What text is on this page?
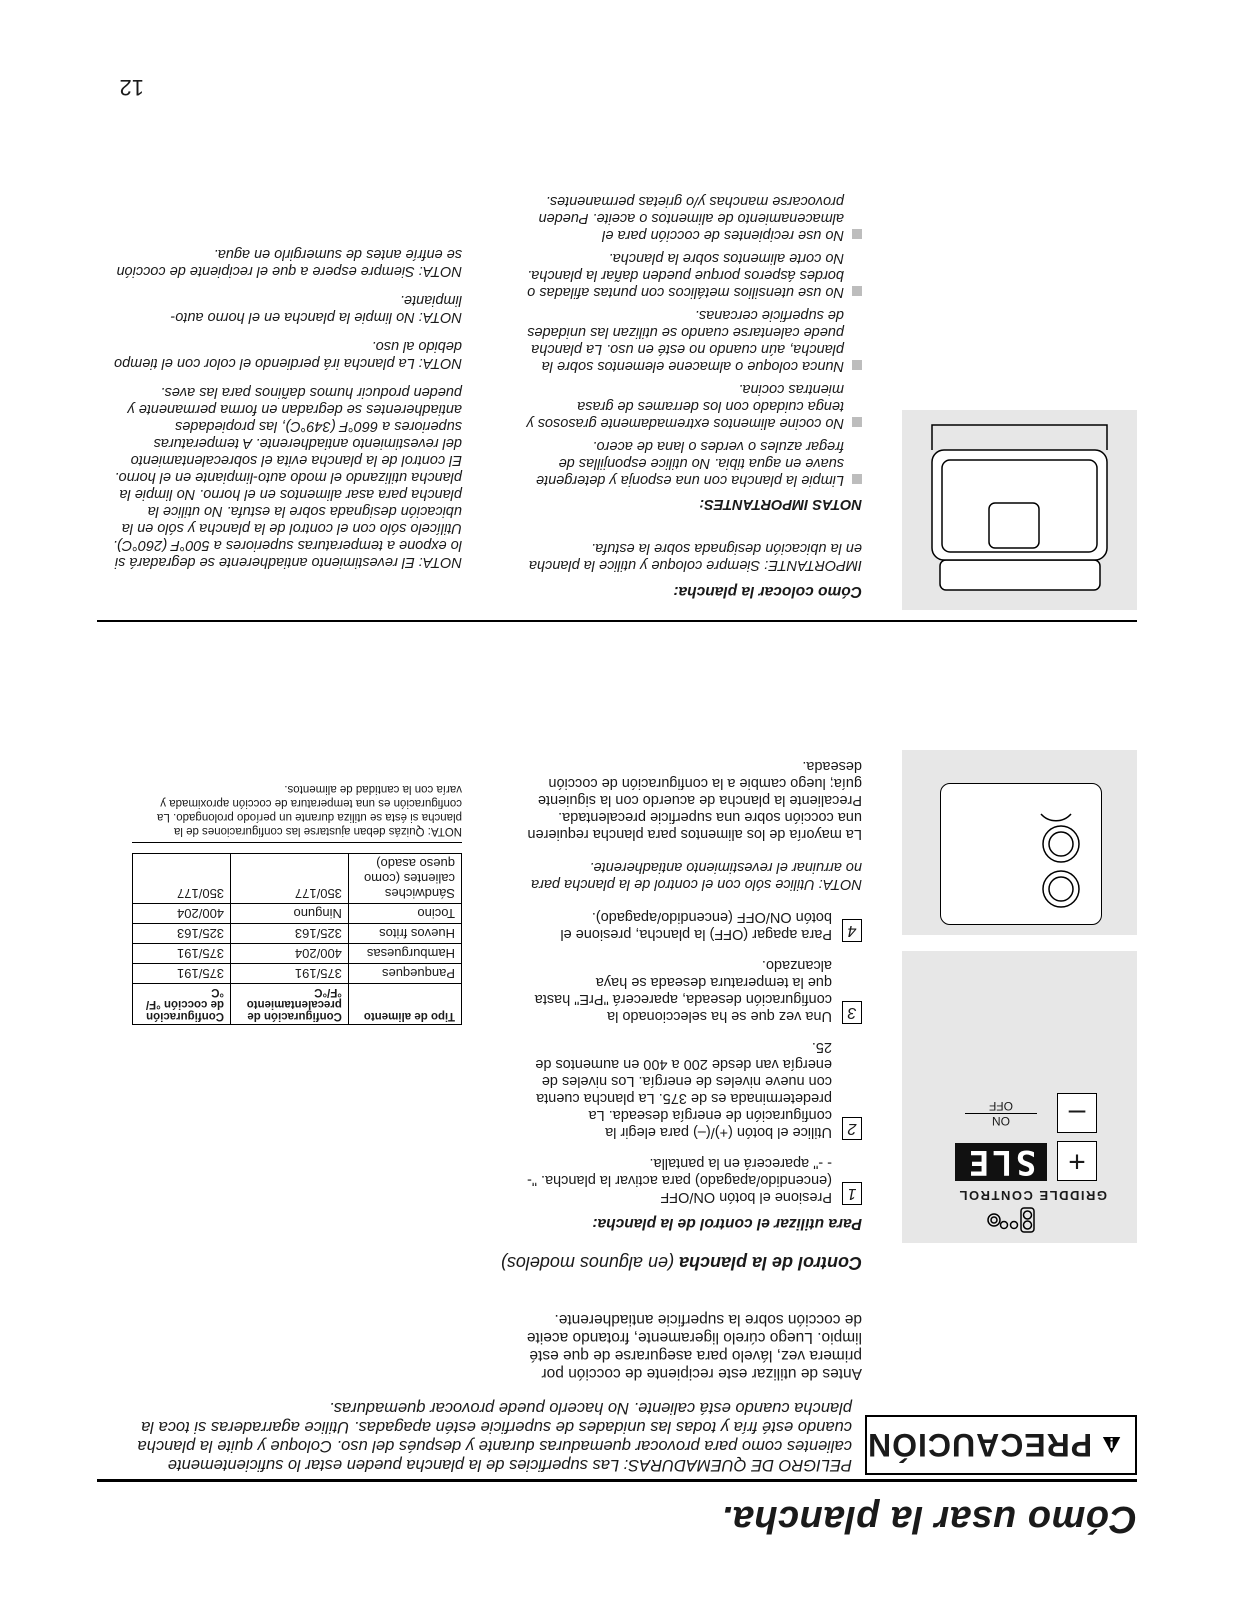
Cómo usar la plancha.
PRECAUCIÓN
PELIGRO DE QUEMADURAS: Las superficies de la plancha pueden estar lo suficientemente calientes como para provocar quemaduras durante y después del uso. Coloque y quite la plancha cuando esté fría y todas las unidades de superficie estén apagadas. Utilice agarraderas si toca la plancha cuando está caliente. No hacerlo puede provocar quemaduras.
Antes de utilizar este recipiente de cocción por primera vez, lávelo para asegurarse de que esté limpio. Luego cúrelo ligeramente, frotando aceite de cocción sobre la superficie antiadherente.
Control de la plancha (en algunos modelos)
Para utilizar el control de la plancha:
GRIDDLE CONTROL
+
SLE
–
ON
OFF
1
Presione el botón ON/OFF (encendido/apagado) para activar la plancha. "- - -" aparecerá en la pantalla.
2
Utilice el botón (+)/(–) para elegir la configuración de energía deseada. La predeterminada es de 375. La plancha cuenta con nueve niveles de energía. Los niveles de energía van desde 200 a 400 en aumentos de 25.
3
Una vez que se ha seleccionado la configuración deseada, aparecerá "PrE" hasta que la temperatura deseada se haya alcanzado.
4
Para apagar (OFF) la plancha, presione el botón ON/OFF (encendido/apagado).
NOTA: Utilice sólo con el control de la plancha para no arruinar el revestimiento antiadherente.
La mayoría de los alimentos para plancha requieren una cocción sobre una superficie precalentada. Precaliente la plancha de acuerdo con la siguiente guía; luego cambie a la configuración de cocción deseada.
Tipo de alimento	Configuración de precalentamiento °F/°C	Configuración de cocción °F/°C
Panqueques	375/191	375/191
Hamburguesas	400/204	375/191
Huevos fritos	325/163	325/163
Tocino	Ninguno	400/204
Sándwiches calientes (como queso asado)	350/177	350/177
NOTA: Quizás deban ajustarse las configuraciones de la plancha si ésta se utiliza durante un período prolongado. La configuración es una temperatura de cocción aproximada y varía con la cantidad de alimentos.
Cómo colocar la plancha:
IMPORTANTE: Siempre coloque y utilice la plancha en la ubicación designada sobre la estufa.
NOTAS IMPORTANTES:
Limpie la plancha con una esponja y detergente suave en agua tibia. No utilice esponjillas de fregar azules o verdes o lana de acero.
No cocine alimentos extremadamente grasosos y tenga cuidado con los derrames de grasa mientras cocina.
Nunca coloque o almacene elementos sobre la plancha, aún cuando no esté en uso. La plancha puede calentarse cuando se utilizan las unidades de superficie cercanas.
No use utensilios metálicos con puntas afiladas o bordes ásperos porque pueden dañar la plancha. No corte alimentos sobre la plancha.
No use recipientes de cocción para el almacenamiento de alimentos o aceite. Pueden provocarse manchas y/o grietas permanentes.
NOTA: El revestimiento antiadherente se degradará si lo expone a temperaturas superiores a 500°F (260°C). Utilícelo sólo con el control de la plancha y sólo en la ubicación designada sobre la estufa. No utilice la plancha para asar alimentos en el horno. No limpie la plancha utilizando el modo auto-limpiante en el horno. El control de la plancha evita el sobrecalentamiento del revestimiento antiadherente. A temperaturas superiores a 660°F (349°C), las propiedades antiadherentes se degradan en forma permanente y pueden producir humos dañinos para las aves.
NOTA: La plancha irá perdiendo el color con el tiempo debido al uso.
NOTA: No limpie la plancha en el horno auto-limpiante.
NOTA: Siempre espere a que el recipiente de cocción se enfríe antes de sumergirlo en agua.
12
